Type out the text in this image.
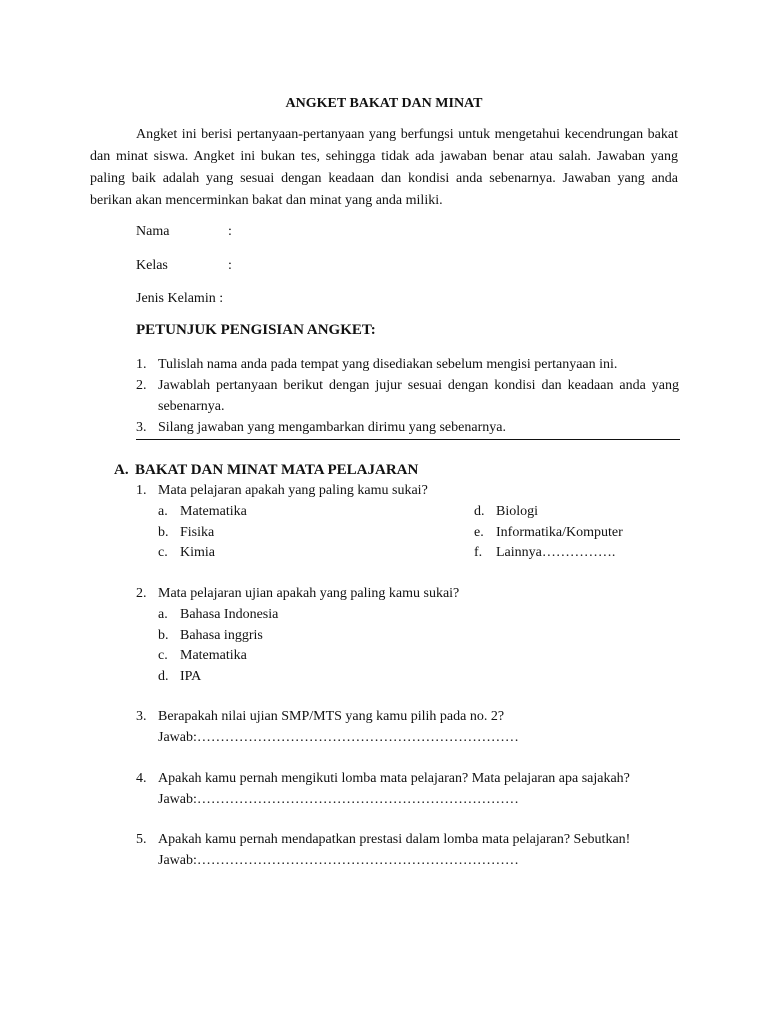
ANGKET BAKAT DAN MINAT

Angket ini berisi pertanyaan-pertanyaan yang berfungsi untuk mengetahui kecendrungan bakat dan minat siswa. Angket ini bukan tes, sehingga tidak ada jawaban benar atau salah. Jawaban yang paling baik adalah yang sesuai dengan keadaan dan kondisi anda sebenarnya. Jawaban yang anda berikan akan mencerminkan bakat dan minat yang anda miliki.

Nama	:
Kelas	:
Jenis Kelamin :
PETUNJUK PENGISIAN ANGKET:
1. Tulislah nama anda pada tempat yang disediakan sebelum mengisi pertanyaan ini.
2. Jawablah pertanyaan berikut dengan jujur sesuai dengan kondisi dan keadaan anda yang sebenarnya.
3. Silang jawaban yang mengambarkan dirimu yang sebenarnya.
A. BAKAT DAN MINAT MATA PELAJARAN
1. Mata pelajaran apakah yang paling kamu sukai?
a. Matematika
b. Fisika
c. Kimia
d. Biologi
e. Informatika/Komputer
f. Lainnya…………….
2. Mata pelajaran ujian apakah yang paling kamu sukai?
a. Bahasa Indonesia
b. Bahasa inggris
c. Matematika
d. IPA
3. Berapakah nilai ujian SMP/MTS yang kamu pilih pada no. 2?
Jawab:……………………………………………………………
4. Apakah kamu pernah mengikuti lomba mata pelajaran? Mata pelajaran apa sajakah?
Jawab:……………………………………………………………
5. Apakah kamu pernah mendapatkan prestasi dalam lomba mata pelajaran? Sebutkan!
Jawab:……………………………………………………………
